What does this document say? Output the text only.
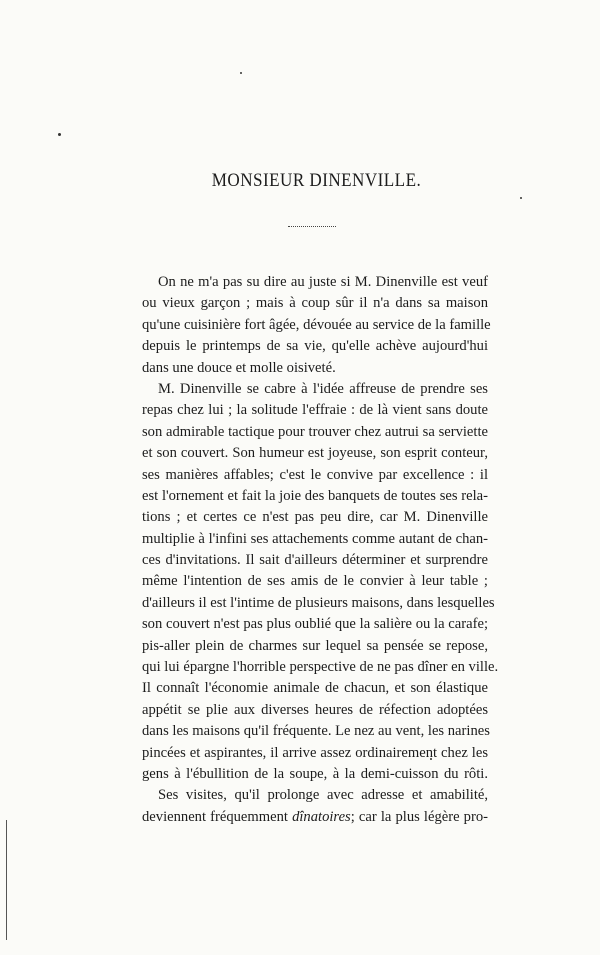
MONSIEUR DINENVILLE.
On ne m'a pas su dire au juste si M. Dinenville est veuf
ou vieux garçon ; mais à coup sûr il n'a dans sa maison
qu'une cuisinière fort âgée, dévouée au service de la famille
depuis le printemps de sa vie, qu'elle achève aujourd'hui
dans une douce et molle oisiveté.
M. Dinenville se cabre à l'idée affreuse de prendre ses
repas chez lui ; la solitude l'effraie : de là vient sans doute
son admirable tactique pour trouver chez autrui sa serviette
et son couvert. Son humeur est joyeuse, son esprit conteur,
ses manières affables; c'est le convive par excellence : il
est l'ornement et fait la joie des banquets de toutes ses rela-
tions ; et certes ce n'est pas peu dire, car M. Dinenville
multiplie à l'infini ses attachements comme autant de chan-
ces d'invitations. Il sait d'ailleurs déterminer et surprendre
même l'intention de ses amis de le convier à leur table ;
d'ailleurs il est l'intime de plusieurs maisons, dans lesquelles
son couvert n'est pas plus oublié que la salière ou la carafe;
pis-aller plein de charmes sur lequel sa pensée se repose,
qui lui épargne l'horrible perspective de ne pas dîner en ville.
Il connaît l'économie animale de chacun, et son élastique
appétit se plie aux diverses heures de réfection adoptées
dans les maisons qu'il fréquente. Le nez au vent, les narines
pincées et aspirantes, il arrive assez ordinairement chez les
gens à l'ébullition de la soupe, à la demi-cuisson du rôti.
Ses visites, qu'il prolonge avec adresse et amabilité,
deviennent fréquemment dînatoires; car la plus légère pro-
